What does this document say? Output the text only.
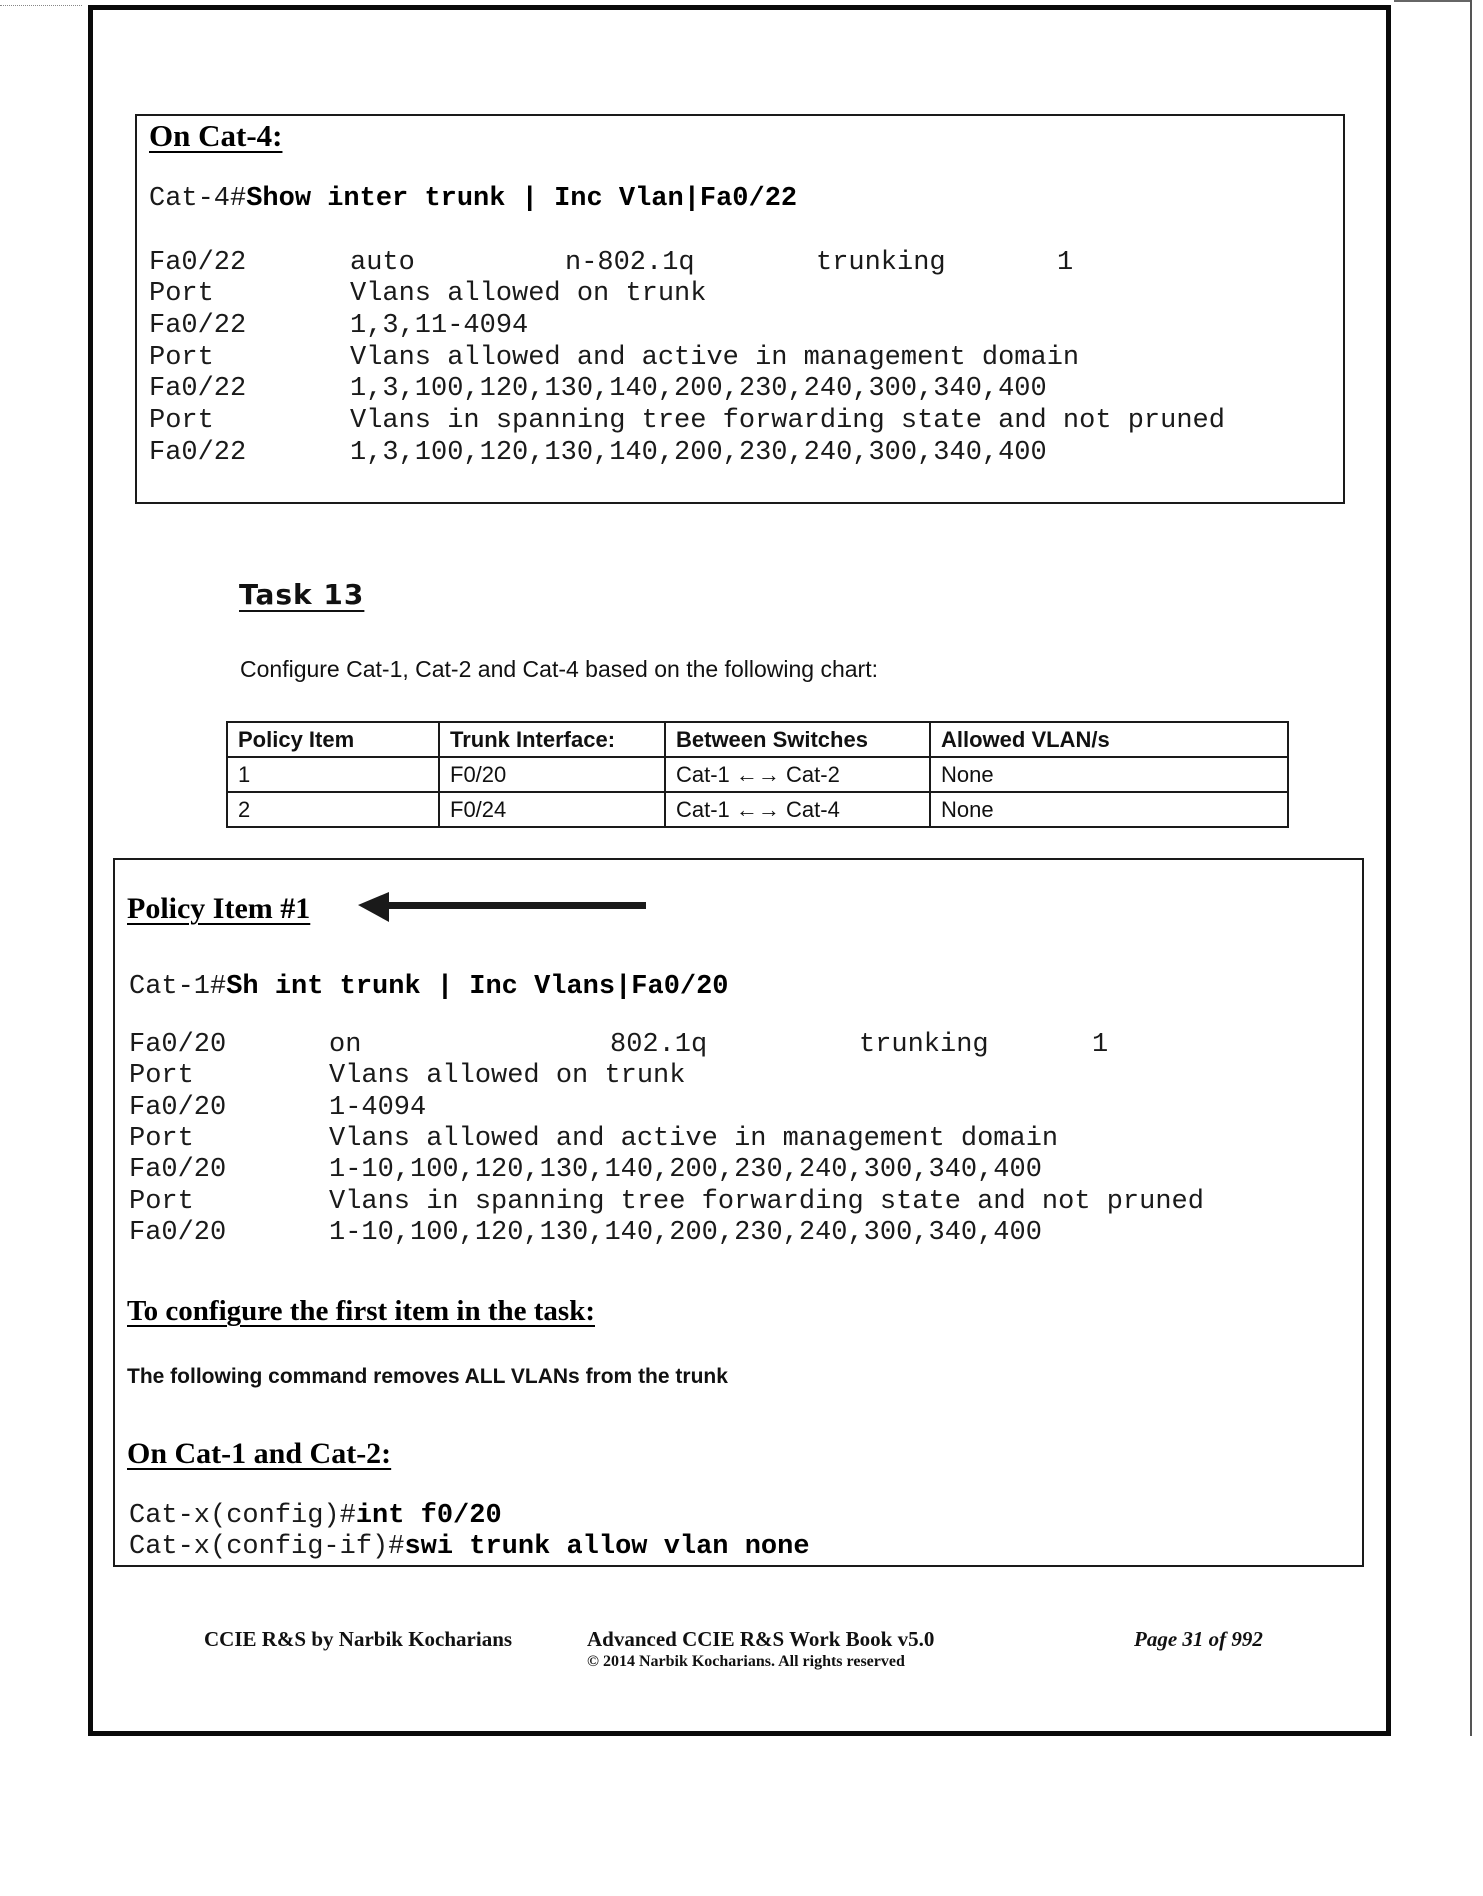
On Cat-4:
Cat-4#Show inter trunk | Inc Vlan|Fa0/22
Fa0/22	auto	n-802.1q	trunking	1
Port	Vlans allowed on trunk
Fa0/22	1,3,11-4094
Port	Vlans allowed and active in management domain
Fa0/22	1,3,100,120,130,140,200,230,240,300,340,400
Port	Vlans in spanning tree forwarding state and not pruned
Fa0/22	1,3,100,120,130,140,200,230,240,300,340,400
Task 13
Configure Cat-1, Cat-2 and Cat-4 based on the following chart:
Policy Item	Trunk Interface:	Between Switches	Allowed VLAN/s
1	F0/20	Cat-1 ←→ Cat-2	None
2	F0/24	Cat-1 ←→ Cat-4	None
Policy Item #1
Cat-1#Sh int trunk | Inc Vlans|Fa0/20
Fa0/20	on	802.1q	trunking	1
Port	Vlans allowed on trunk
Fa0/20	1-4094
Port	Vlans allowed and active in management domain
Fa0/20	1-10,100,120,130,140,200,230,240,300,340,400
Port	Vlans in spanning tree forwarding state and not pruned
Fa0/20	1-10,100,120,130,140,200,230,240,300,340,400
To configure the first item in the task:
The following command removes ALL VLANs from the trunk
On Cat-1 and Cat-2:
Cat-x(config)#int f0/20
Cat-x(config-if)#swi trunk allow vlan none
CCIE R&S by Narbik Kocharians	Advanced CCIE R&S Work Book v5.0
© 2014 Narbik Kocharians. All rights reserved
Page 31 of 992
